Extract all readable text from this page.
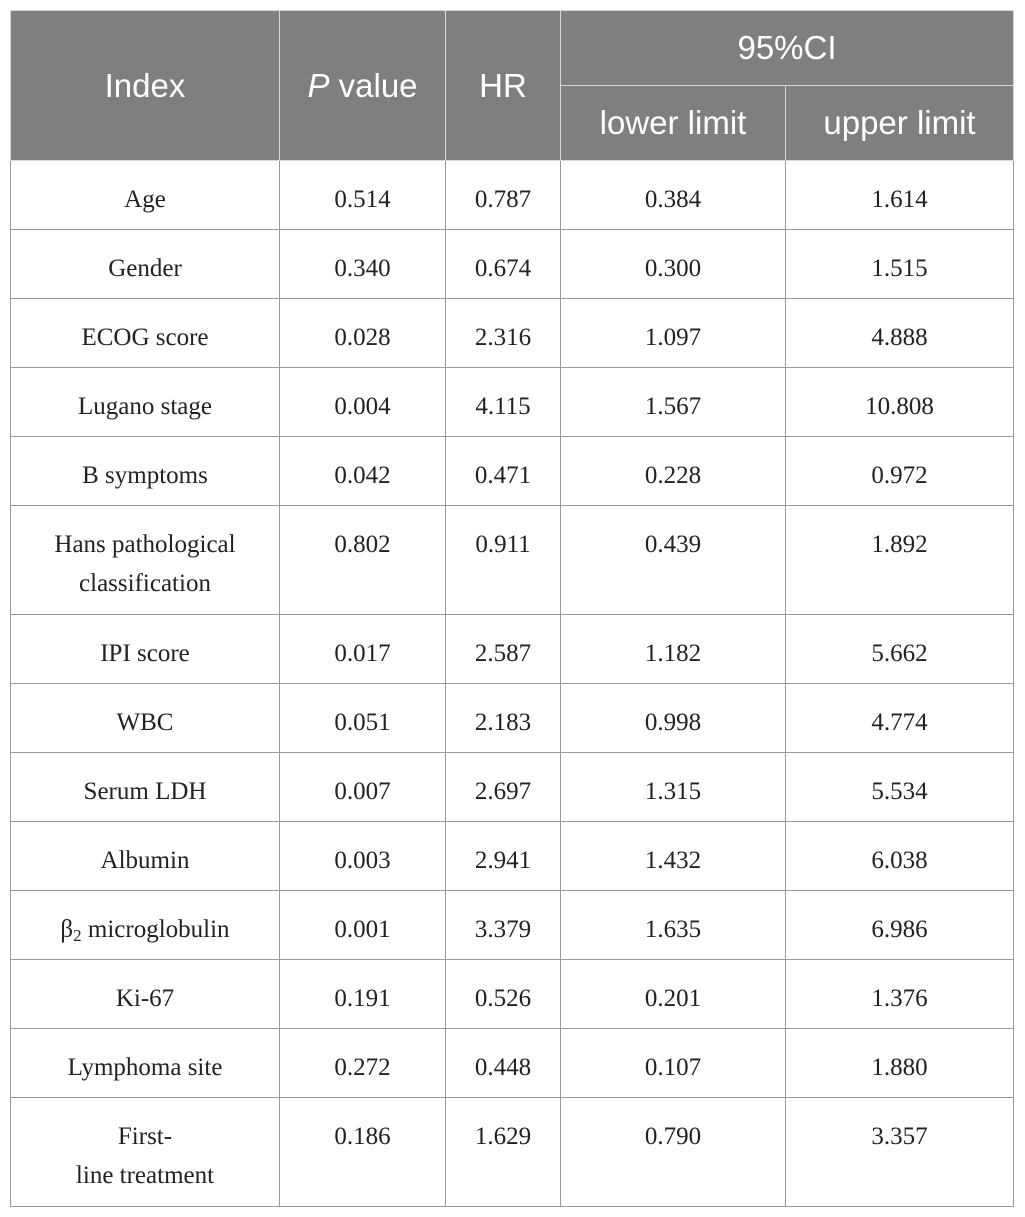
Index	P value	HR	95%CI	
			lower limit	upper limit
Age	0.514	0.787	0.384	1.614
Gender	0.340	0.674	0.300	1.515
ECOG score	0.028	2.316	1.097	4.888
Lugano stage	0.004	4.115	1.567	10.808
B symptoms	0.042	0.471	0.228	0.972
Hans pathological
classification	0.802	0.911	0.439	1.892
IPI score	0.017	2.587	1.182	5.662
WBC	0.051	2.183	0.998	4.774
Serum LDH	0.007	2.697	1.315	5.534
Albumin	0.003	2.941	1.432	6.038
$\beta_2$ microglobulin	0.001	3.379	1.635	6.986
Ki-67	0.191	0.526	0.201	1.376
Lymphoma site	0.272	0.448	0.107	1.880
First-
line treatment	0.186	1.629	0.790	3.357
